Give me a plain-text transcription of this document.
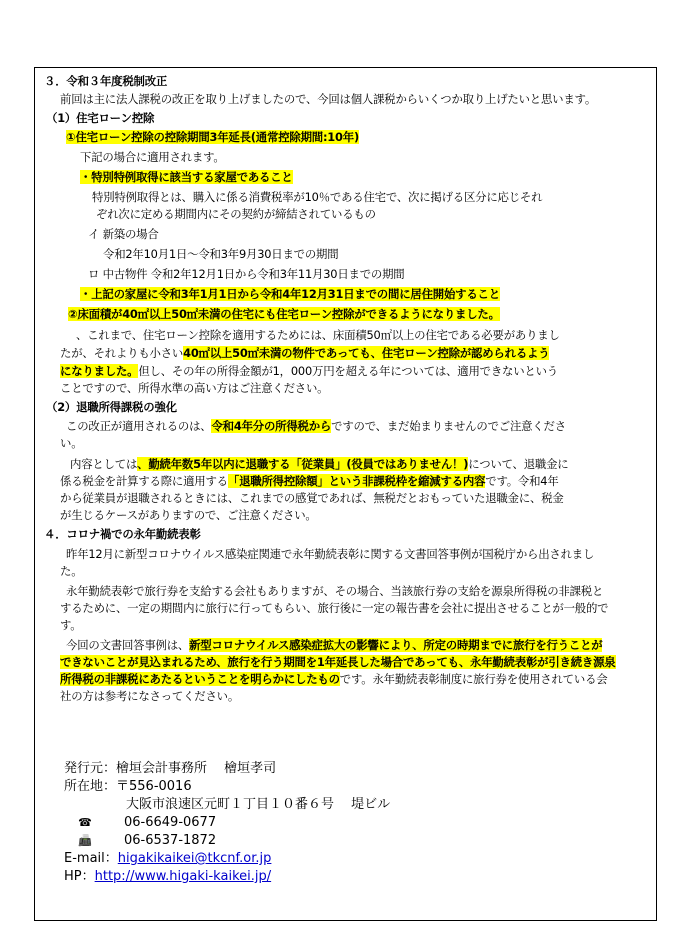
３．令和３年度税制改正
前回は主に法人課税の改正を取り上げましたので、今回は個人課税からいくつか取り上げたいと思います。
（1）住宅ローン控除
①住宅ローン控除の控除期間3年延長(通常控除期間:10年)
下記の場合に適用されます。
・特別特例取得に該当する家屋であること
特別特例取得とは、購入に係る消費税率が10％である住宅で、次に掲げる区分に応じそれ
ぞれ次に定める期間内にその契約が締結されているもの
イ 新築の場合
令和2年10月1日～令和3年9月30日までの期間
ロ 中古物件 令和2年12月1日から令和3年11月30日までの期間
・上記の家屋に令和3年1月1日から令和4年12月31日までの間に居住開始すること
②床面積が40㎡以上50㎡未満の住宅にも住宅ローン控除ができるようになりました。
、これまで、住宅ローン控除を適用するためには、床面積50㎡以上の住宅である必要がありまし
たが、それよりも小さい40㎡以上50㎡未満の物件であっても、住宅ローン控除が認められるよう
になりました。但し、その年の所得金額が1，000万円を超える年については、適用できないという
ことですので、所得水準の高い方はご注意ください。
（2）退職所得課税の強化
この改正が適用されるのは、令和4年分の所得税からですので、まだ始まりませんのでご注意くださ
い。
内容としては、勤続年数5年以内に退職する「従業員」(役員ではありません！)について、退職金に
係る税金を計算する際に適用する「退職所得控除額」という非課税枠を縮減する内容です。令和4年
から従業員が退職されるときには、これまでの感覚であれば、無税だとおもっていた退職金に、税金
が生じるケースがありますので、ご注意ください。
４．コロナ禍での永年勤続表彰
昨年12月に新型コロナウイルス感染症関連で永年勤続表彰に関する文書回答事例が国税庁から出されまし
た。
永年勤続表彰で旅行券を支給する会社もありますが、その場合、当該旅行券の支給を源泉所得税の非課税と
するために、一定の期間内に旅行に行ってもらい、旅行後に一定の報告書を会社に提出させることが一般的で
す。
今回の文書回答事例は、新型コロナウイルス感染症拡大の影響により、所定の時期までに旅行を行うことが
できないことが見込まれるため、旅行を行う期間を1年延長した場合であっても、永年勤続表彰が引き続き源泉
所得税の非課税にあたるということを明らかにしたものです。永年勤続表彰制度に旅行券を使用されている会
社の方は参考になさってください。
発行元：檜垣会計事務所　 檜垣孝司
所在地：〒556-0016
大阪市浪速区元町１丁目１０番６号　 堤ビル
☎ 06-6649-0677
📠 06-6537-1872
E-mail：higakikaikei@tkcnf.or.jp
HP：http://www.higaki-kaikei.jp/
